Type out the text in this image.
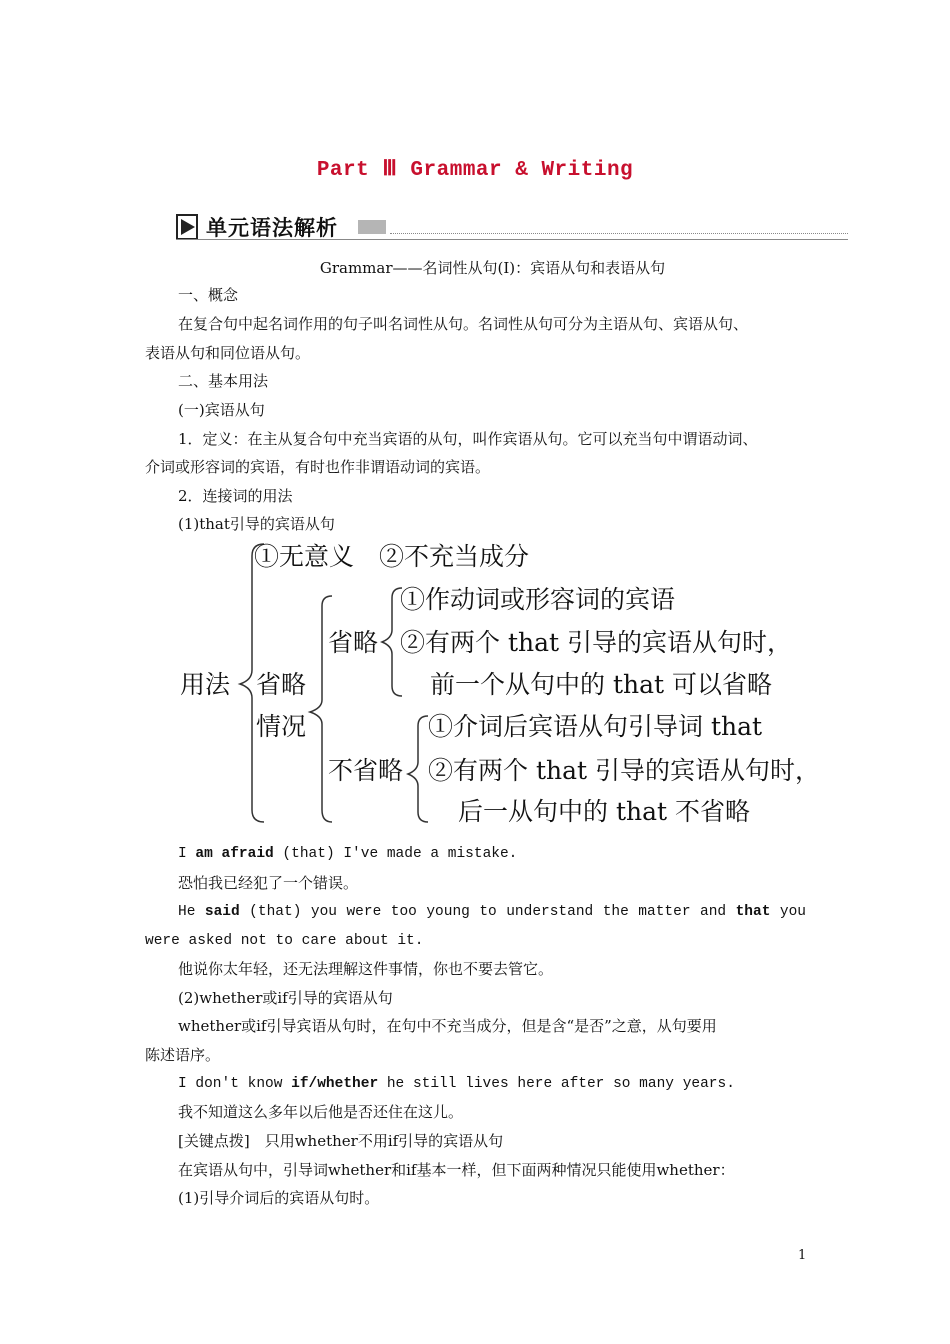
Part Ⅲ Grammar & Writing
单元语法解析
Grammar——名词性从句(Ⅰ)：宾语从句和表语从句
一、概念
在复合句中起名词作用的句子叫名词性从句。名词性从句可分为主语从句、宾语从句、
表语从句和同位语从句。
二、基本用法
(一)宾语从句
1．定义：在主从复合句中充当宾语的从句，叫作宾语从句。它可以充当句中谓语动词、
介词或形容词的宾语，有时也作非谓语动词的宾语。
2．连接词的用法
(1)that引导的宾语从句
用法
①无意义　②不充当成分
省略
情况
省略
①作动词或形容词的宾语
②有两个 that 引导的宾语从句时，
前一个从句中的 that 可以省略
不省略
①介词后宾语从句引导词 that
②有两个 that 引导的宾语从句时，
后一从句中的 that 不省略
I am afraid (that) I've made a mistake.
恐怕我已经犯了一个错误。
He said (that) you were too young to understand the matter and that you
were asked not to care about it.
他说你太年轻，还无法理解这件事情，你也不要去管它。
(2)whether或if引导的宾语从句
whether或if引导宾语从句时，在句中不充当成分，但是含“是否”之意，从句要用
陈述语序。
I don't know if/whether he still lives here after so many years.
我不知道这么多年以后他是否还住在这儿。
[关键点拨]　只用whether不用if引导的宾语从句
在宾语从句中，引导词whether和if基本一样，但下面两种情况只能使用whether：
(1)引导介词后的宾语从句时。
1
